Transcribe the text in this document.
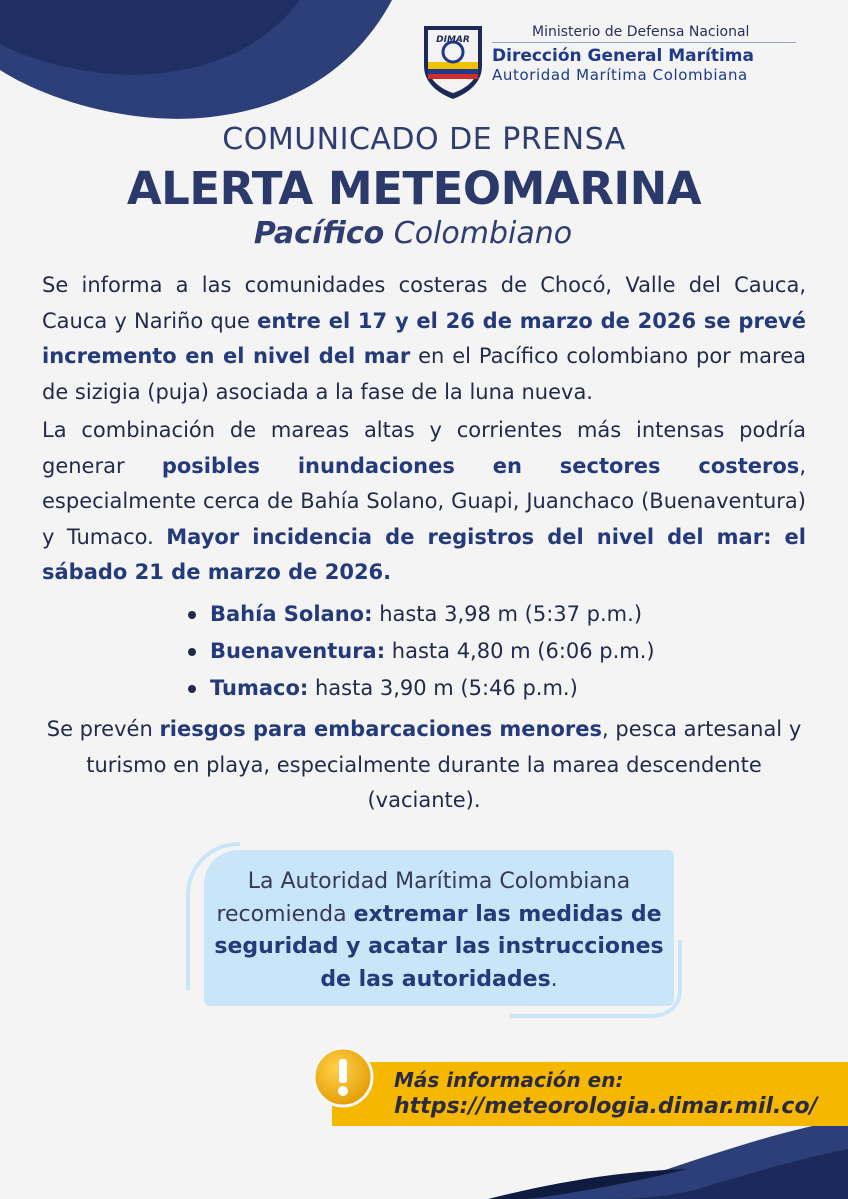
DIMAR	Ministerio de Defensa Nacional
Dirección General Marítima
Autoridad Marítima Colombiana
COMUNICADO DE PRENSA
ALERTA METEOMARINA
Pacífico Colombiano
Se informa a las comunidades costeras de Chocó, Valle del Cauca, Cauca y Nariño que entre el 17 y el 26 de marzo de 2026 se prevé incremento en el nivel del mar en el Pacífico colombiano por marea de sizigia (puja) asociada a la fase de la luna nueva.
La combinación de mareas altas y corrientes más intensas podría generar posibles inundaciones en sectores costeros, especialmente cerca de Bahía Solano, Guapi, Juanchaco (Buenaventura) y Tumaco. Mayor incidencia de registros del nivel del mar: el sábado 21 de marzo de 2026.
Bahía Solano: hasta 3,98 m (5:37 p.m.)
Buenaventura: hasta 4,80 m (6:06 p.m.)
Tumaco: hasta 3,90 m (5:46 p.m.)
Se prevén riesgos para embarcaciones menores, pesca artesanal y turismo en playa, especialmente durante la marea descendente (vaciante).
La Autoridad Marítima Colombiana recomienda extremar las medidas de seguridad y acatar las instrucciones de las autoridades.
Más información en:
https://meteorologia.dimar.mil.co/
